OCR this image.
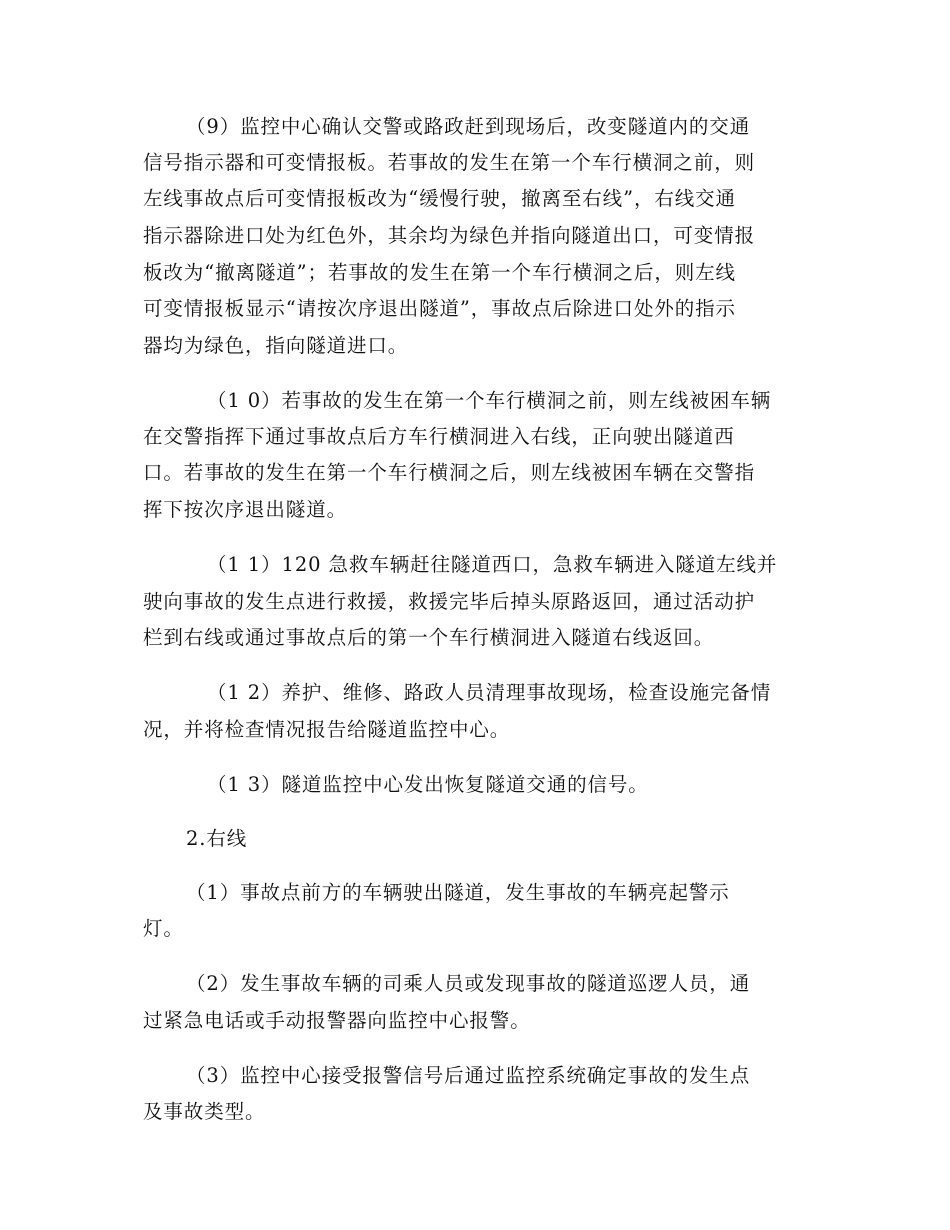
（9）监控中心确认交警或路政赶到现场后，改变隧道内的交通
信号指示器和可变情报板。若事故的发生在第一个车行横洞之前，则
左线事故点后可变情报板改为“缓慢行驶，撤离至右线”，右线交通
指示器除进口处为红色外，其余均为绿色并指向隧道出口，可变情报
板改为“撤离隧道”；若事故的发生在第一个车行横洞之后，则左线
可变情报板显示“请按次序退出隧道”，事故点后除进口处外的指示
器均为绿色，指向隧道进口。
（1 0）若事故的发生在第一个车行横洞之前，则左线被困车辆
在交警指挥下通过事故点后方车行横洞进入右线，正向驶出隧道西
口。若事故的发生在第一个车行横洞之后，则左线被困车辆在交警指
挥下按次序退出隧道。
（1 1）120 急救车辆赶往隧道西口，急救车辆进入隧道左线并
驶向事故的发生点进行救援，救援完毕后掉头原路返回，通过活动护
栏到右线或通过事故点后的第一个车行横洞进入隧道右线返回。
（1 2）养护、维修、路政人员清理事故现场，检查设施完备情
况，并将检查情况报告给隧道监控中心。
（1 3）隧道监控中心发出恢复隧道交通的信号。
2.右线
（1）事故点前方的车辆驶出隧道，发生事故的车辆亮起警示
灯。
（2）发生事故车辆的司乘人员或发现事故的隧道巡逻人员，通
过紧急电话或手动报警器向监控中心报警。
（3）监控中心接受报警信号后通过监控系统确定事故的发生点
及事故类型。
